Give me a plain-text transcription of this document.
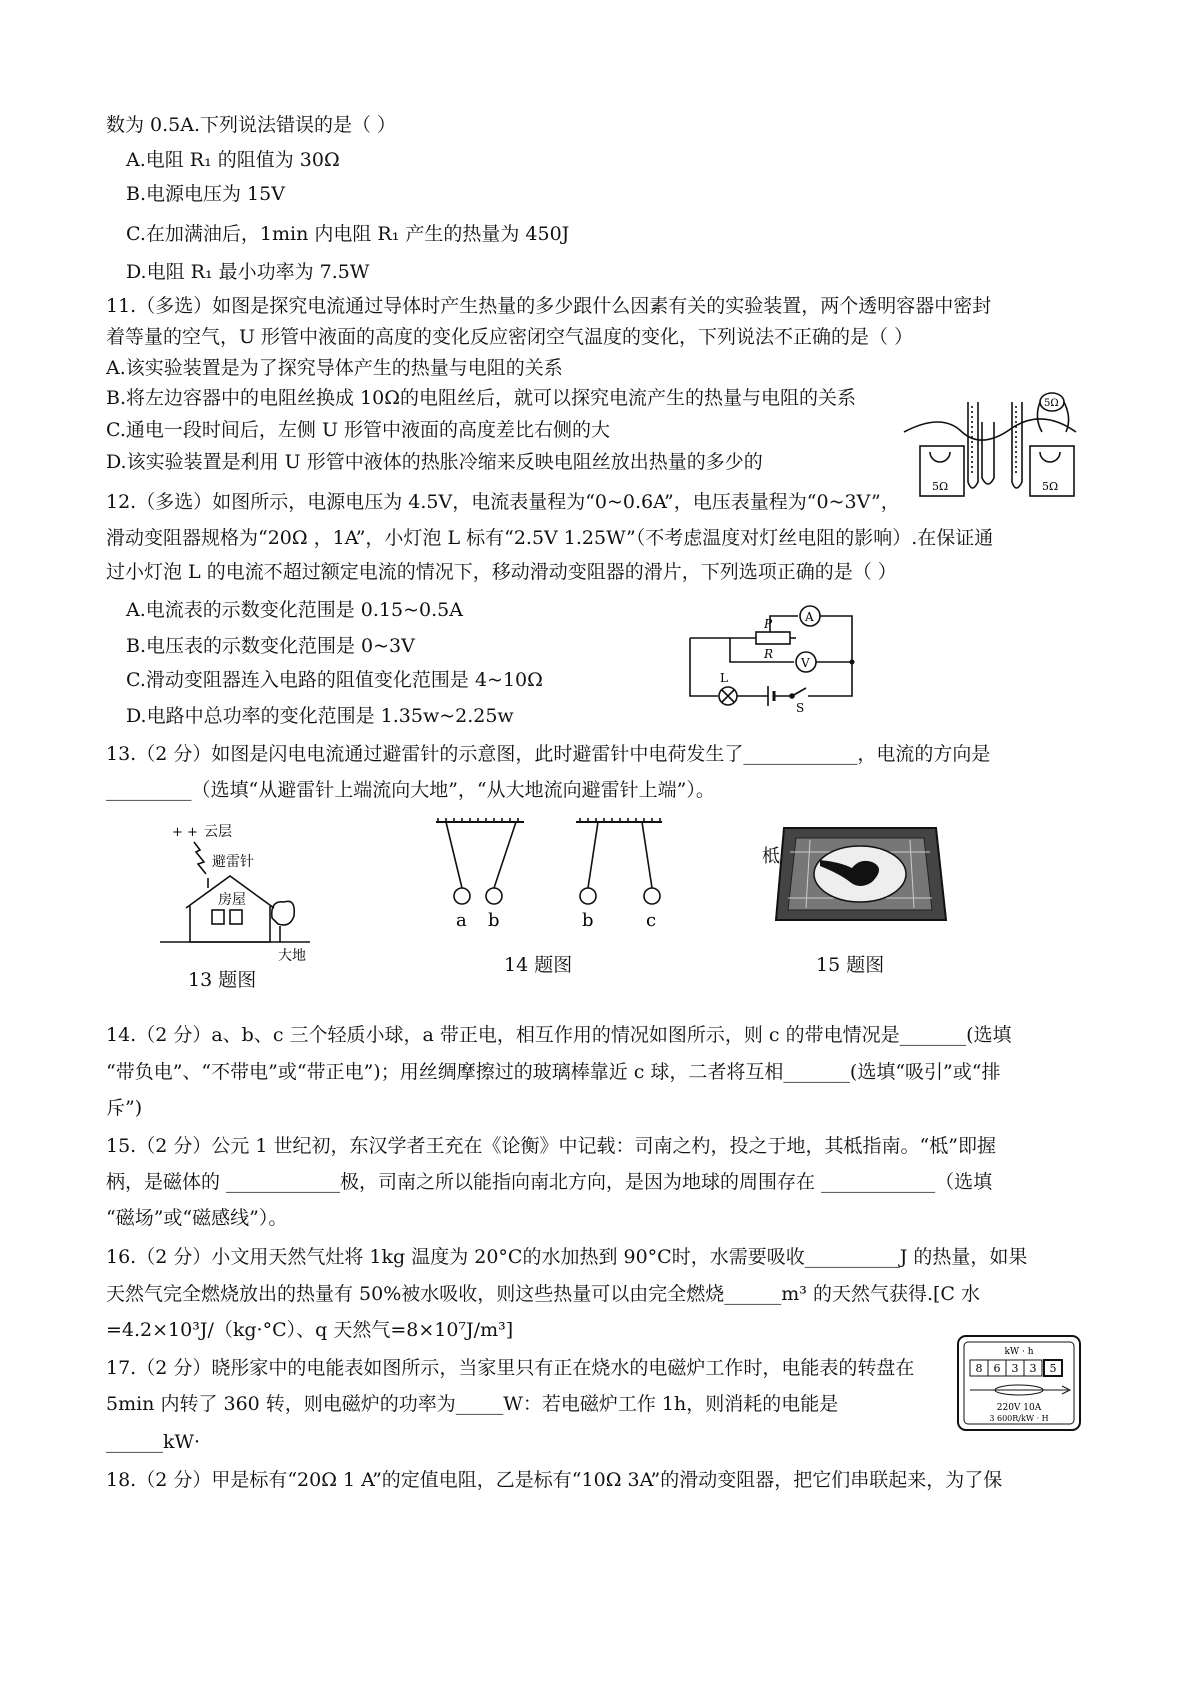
数为 0.5A.下列说法错误的是（ ）
A.电阻 R₁ 的阻值为 30Ω
B.电源电压为 15V
C.在加满油后，1min 内电阻 R₁ 产生的热量为 450J
D.电阻 R₁ 最小功率为 7.5W
11.（多选）如图是探究电流通过导体时产生热量的多少跟什么因素有关的实验装置，两个透明容器中密封
着等量的空气，U 形管中液面的高度的变化反应密闭空气温度的变化，下列说法不正确的是（ ）
A.该实验装置是为了探究导体产生的热量与电阻的关系
B.将左边容器中的电阻丝换成 10Ω的电阻丝后，就可以探究电流产生的热量与电阻的关系
C.通电一段时间后，左侧 U 形管中液面的高度差比右侧的大
D.该实验装置是利用 U 形管中液体的热胀冷缩来反映电阻丝放出热量的多少的
12.（多选）如图所示，电源电压为 4.5V，电流表量程为“0~0.6A”，电压表量程为“0~3V”，
滑动变阻器规格为“20Ω ，1A”，小灯泡 L 标有“2.5V 1.25W”（不考虑温度对灯丝电阻的影响）.在保证通
过小灯泡 L 的电流不超过额定电流的情况下，移动滑动变阻器的滑片，下列选项正确的是（ ）
A.电流表的示数变化范围是 0.15~0.5A
B.电压表的示数变化范围是 0~3V
C.滑动变阻器连入电路的阻值变化范围是 4~10Ω
D.电路中总功率的变化范围是 1.35w~2.25w
13.（2 分）如图是闪电电流通过避雷针的示意图，此时避雷针中电荷发生了____________，电流的方向是
_________（选填“从避雷针上端流向大地”，“从大地流向避雷针上端”）。
14.（2 分）a、b、c 三个轻质小球，a 带正电，相互作用的情况如图所示，则 c 的带电情况是_______(选填
“带负电”、“不带电”或“带正电”)；用丝绸摩擦过的玻璃棒靠近 c 球，二者将互相_______(选填“吸引”或“排
斥”)
15.（2 分）公元 1 世纪初，东汉学者王充在《论衡》中记载：司南之杓，投之于地，其柢指南。“柢”即握
柄，是磁体的 ____________极，司南之所以能指向南北方向，是因为地球的周围存在 ____________（选填
“磁场”或“磁感线”）。
16.（2 分）小文用天然气灶将 1kg 温度为 20°C的水加热到 90°C时，水需要吸收__________J 的热量，如果
天然气完全燃烧放出的热量有 50%被水吸收，则这些热量可以由完全燃烧______m³ 的天然气获得.[C 水
=4.2×10³J/（kg·°C）、q 天然气=8×10⁷J/m³]
17.（2 分）晓彤家中的电能表如图所示，当家里只有正在烧水的电磁炉工作时，电能表的转盘在
5min 内转了 360 转，则电磁炉的功率为_____W：若电磁炉工作 1h，则消耗的电能是
______kW·
18.（2 分）甲是标有“20Ω 1 A”的定值电阻，乙是标有“10Ω 3A”的滑动变阻器，把它们串联起来，为了保
5Ω	5Ω
5Ω
P
R
A
V
L
S
+ + 云层
避雷针
房屋
大地
13 题图
a b	b	c
14 题图
柢
15 题图
kW · h
8 6 3 3 5
220V 10A
3 600R/kW · H
